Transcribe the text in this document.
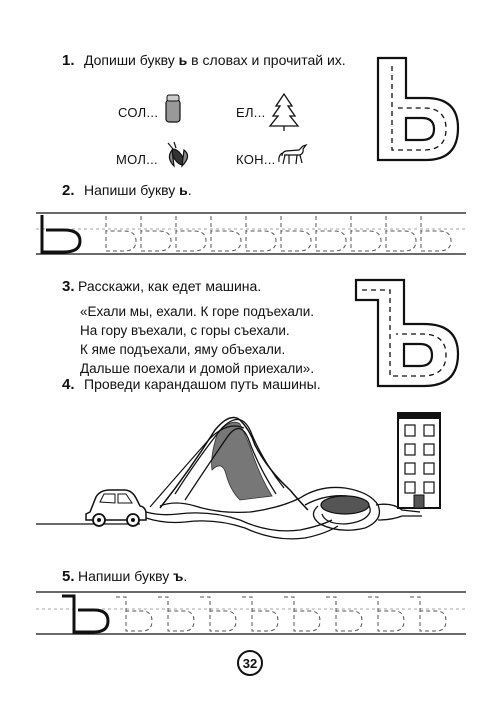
1. Допиши букву ь в словах и прочитай их.
СОЛ...	ЕЛ...
МОЛ...	КОН...
2. Напиши букву ь.
3. Расскажи, как едет машина.
«Ехали мы, ехали. К горе подъехали.
На гору въехали, с горы съехали.
К яме подъехали, яму объехали.
Дальше поехали и домой приехали».
4. Проведи карандашом путь машины.
5. Напиши букву ъ.
32
